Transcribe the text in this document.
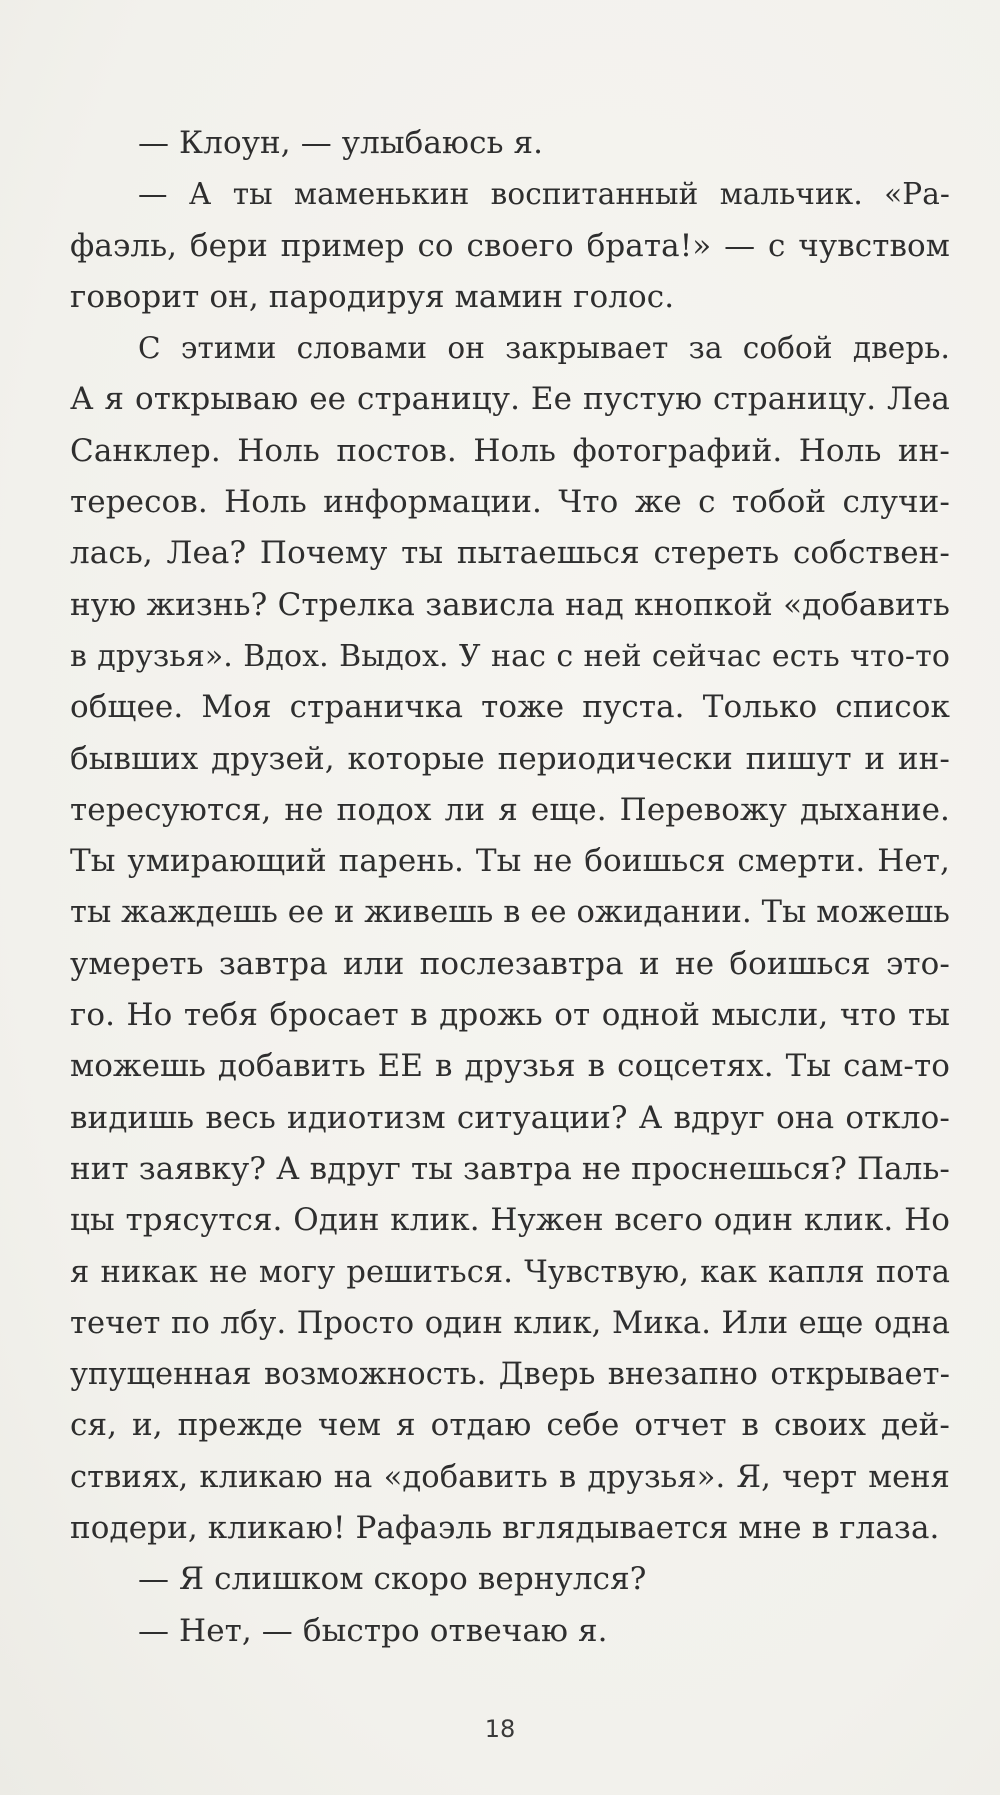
— Клоун, — улыбаюсь я.
— А ты маменькин воспитанный мальчик. «Ра-
фаэль, бери пример со своего брата!» — с чувством
говорит он, пародируя мамин голос.
С этими словами он закрывает за собой дверь.
А я открываю ее страницу. Ее пустую страницу. Леа
Санклер. Ноль постов. Ноль фотографий. Ноль ин-
тересов. Ноль информации. Что же с тобой случи-
лась, Леа? Почему ты пытаешься стереть собствен-
ную жизнь? Стрелка зависла над кнопкой «добавить
в друзья». Вдох. Выдох. У нас с ней сейчас есть что-то
общее. Моя страничка тоже пуста. Только список
бывших друзей, которые периодически пишут и ин-
тересуются, не подох ли я еще. Перевожу дыхание.
Ты умирающий парень. Ты не боишься смерти. Нет,
ты жаждешь ее и живешь в ее ожидании. Ты можешь
умереть завтра или послезавтра и не боишься это-
го. Но тебя бросает в дрожь от одной мысли, что ты
можешь добавить ЕЕ в друзья в соцсетях. Ты сам-то
видишь весь идиотизм ситуации? А вдруг она откло-
нит заявку? А вдруг ты завтра не проснешься? Паль-
цы трясутся. Один клик. Нужен всего один клик. Но
я никак не могу решиться. Чувствую, как капля пота
течет по лбу. Просто один клик, Мика. Или еще одна
упущенная возможность. Дверь внезапно открывает-
ся, и, прежде чем я отдаю себе отчет в своих дей-
ствиях, кликаю на «добавить в друзья». Я, черт меня
подери, кликаю! Рафаэль вглядывается мне в глаза.
— Я слишком скоро вернулся?
— Нет, — быстро отвечаю я.
18
